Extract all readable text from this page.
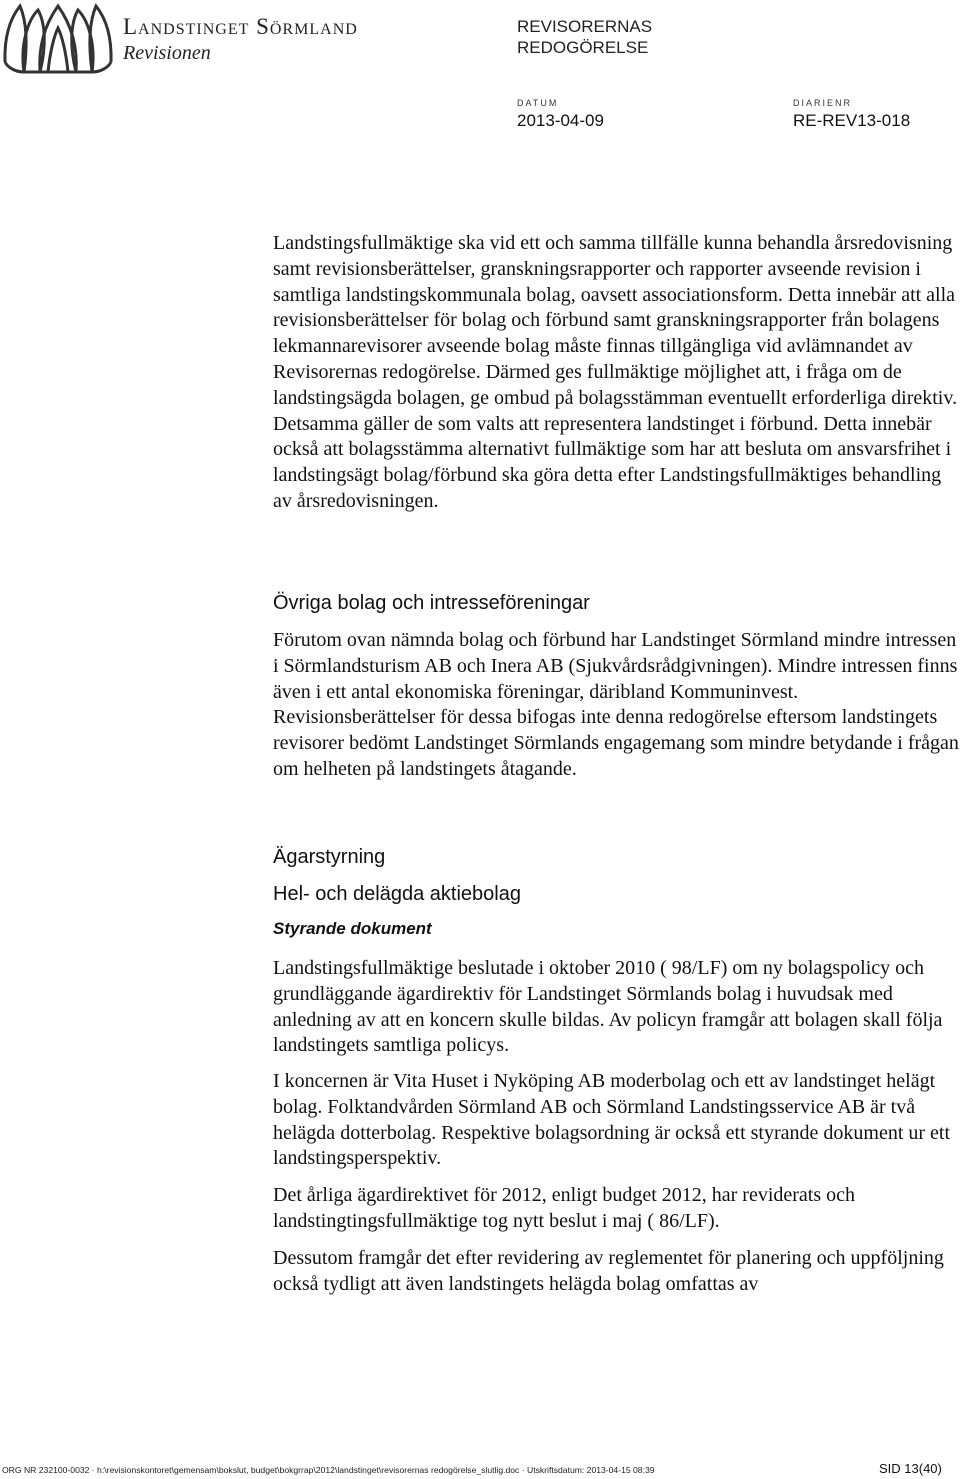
Landstinget Sörmland
Revisionen
REVISORERNAS
REDOGÖRELSE
DATUM
2013-04-09
DIARIENR
RE-REV13-018

Landstingsfullmäktige ska vid ett och samma tillfälle kunna behandla årsredovisning samt revisionsberättelser, granskningsrapporter och rapporter avseende revision i samtliga landstingskommunala bolag, oavsett associationsform. Detta innebär att alla revisionsberättelser för bolag och förbund samt granskningsrapporter från bolagens lekmannarevisorer avseende bolag måste finnas tillgängliga vid avlämnandet av Revisorernas redogörelse. Därmed ges fullmäktige möjlighet att, i fråga om de landstingsägda bolagen, ge ombud på bolagsstämman eventuellt erforderliga direktiv. Detsamma gäller de som valts att representera landstinget i förbund. Detta innebär också att bolagsstämma alternativt fullmäktige som har att besluta om ansvarsfrihet i landstingsägt bolag/förbund ska göra detta efter Landstingsfullmäktiges behandling av årsredovisningen.

Övriga bolag och intresseföreningar

Förutom ovan nämnda bolag och förbund har Landstinget Sörmland mindre intressen i Sörmlandsturism AB och Inera AB (Sjukvårdsrådgivningen). Mindre intressen finns även i ett antal ekonomiska föreningar, däribland Kommuninvest. Revisionsberättelser för dessa bifogas inte denna redogörelse eftersom landstingets revisorer bedömt Landstinget Sörmlands engagemang som mindre betydande i frågan om helheten på landstingets åtagande.

Ägarstyrning
Hel- och delägda aktiebolag
Styrande dokument

Landstingsfullmäktige beslutade i oktober 2010 ( 98/LF) om ny bolagspolicy och grundläggande ägardirektiv för Landstinget Sörmlands bolag i huvudsak med anledning av att en koncern skulle bildas. Av policyn framgår att bolagen skall följa landstingets samtliga policys.

I koncernen är Vita Huset i Nyköping AB moderbolag och ett av landstinget helägt bolag. Folktandvården Sörmland AB och Sörmland Landstingsservice AB är två helägda dotterbolag. Respektive bolagsordning är också ett styrande dokument ur ett landstingsperspektiv.

Det årliga ägardirektivet för 2012, enligt budget 2012, har reviderats och landstingtingsfullmäktige tog nytt beslut i maj ( 86/LF).

Dessutom framgår det efter revidering av reglementet för planering och uppföljning också tydligt att även landstingets helägda bolag omfattas av

ORG NR 232100-0032 · h:\revisionskontoret\gemensam\bokslut, budget\bokgrrap\2012\landstinget\revisorernas redogörelse_slutlig.doc · Utskriftsdatum: 2013-04-15 08:39	SID 13(40)
